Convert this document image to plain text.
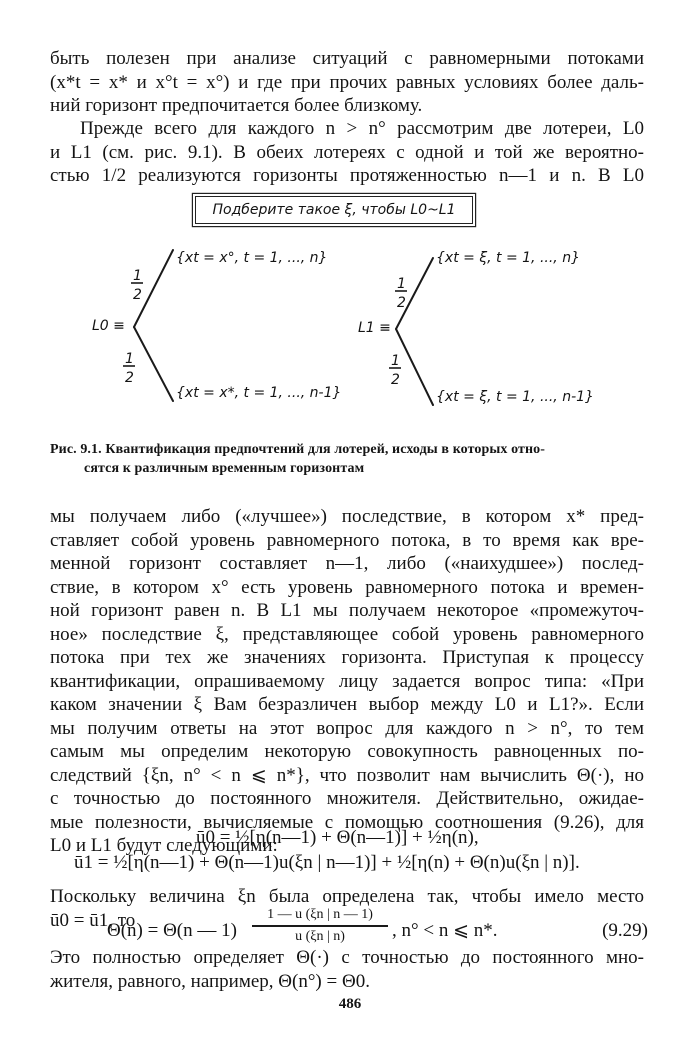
быть полезен при анализе ситуаций с равномерными потоками
(x*t = x* и x°t = x°) и где при прочих равных условиях более даль-
ний горизонт предпочитается более близкому.
Прежде всего для каждого n > n° рассмотрим две лотереи, L0
и L1 (см. рис. 9.1). В обеих лотереях с одной и той же вероятно-
стью 1/2 реализуются горизонты протяженностью n—1 и n. В L0
Подберите такое ξ, чтобы L0~L1
1
2
1
2
1
2
1
2
L0 ≡
{xt = x°, t = 1, ..., n}
{xt = x*, t = 1, ..., n-1}
L1 ≡
{xt = ξ, t = 1, ..., n}
{xt = ξ, t = 1, ..., n-1}
Рис. 9.1. Квантификация предпочтений для лотерей, исходы в которых отно-
сятся к различным временным горизонтам
мы получаем либо («лучшее») последствие, в котором x* пред-
ставляет собой уровень равномерного потока, в то время как вре-
менной горизонт составляет n—1, либо («наихудшее») послед-
ствие, в котором x° есть уровень равномерного потока и времен-
ной горизонт равен n. В L1 мы получаем некоторое «промежуточ-
ное» последствие ξ, представляющее собой уровень равномерного
потока при тех же значениях горизонта. Приступая к процессу
квантификации, опрашиваемому лицу задается вопрос типа: «При
каком значении ξ Вам безразличен выбор между L0 и L1?». Если
мы получим ответы на этот вопрос для каждого n > n°, то тем
самым мы определим некоторую совокупность равноценных по-
следствий {ξn, n° < n ⩽ n*}, что позволит нам вычислить Θ(·), но
с точностью до постоянного множителя. Действительно, ожидае-
мые полезности, вычисляемые с помощью соотношения (9.26), для
L0 и L1 будут следующими:
ū0 = ½[η(n—1) + Θ(n—1)] + ½η(n),
ū1 = ½[η(n—1) + Θ(n—1)u(ξn | n—1)] + ½[η(n) + Θ(n)u(ξn | n)].
Поскольку величина ξn была определена так, чтобы имело место
ū0 = ū1, то
Θ(n) = Θ(n — 1)
1 — u (ξn | n — 1)
u (ξn | n)	, n° < n ⩽ n*.	(9.29)
Это полностью определяет Θ(·) с точностью до постоянного мно-
жителя, равного, например, Θ(n°) = Θ0.
486
